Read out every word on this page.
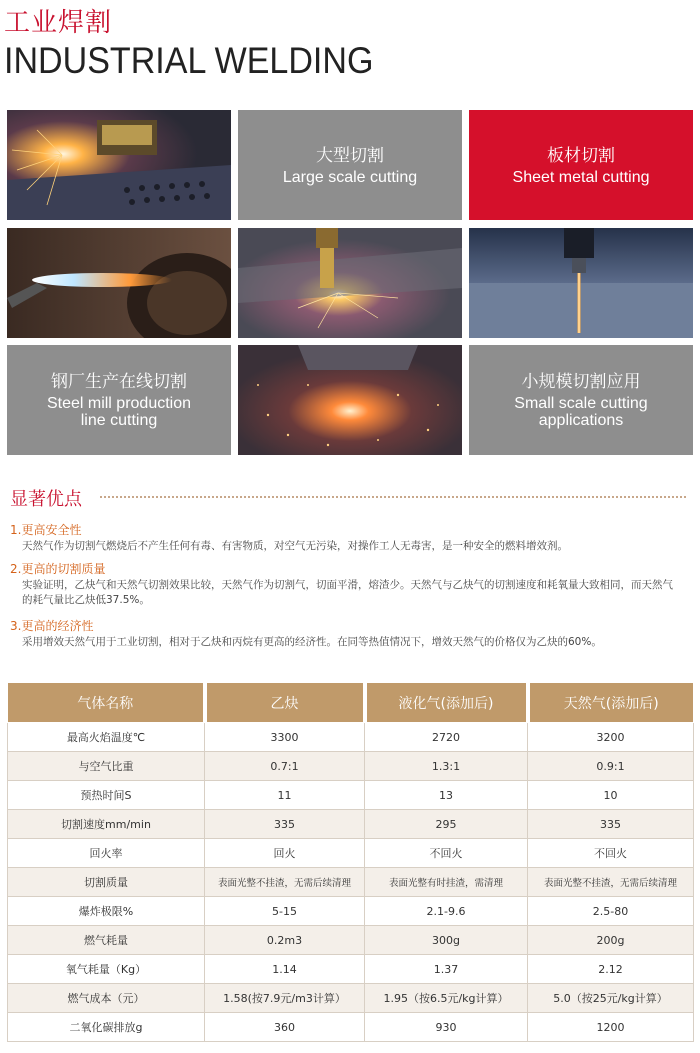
工业焊割
INDUSTRIAL WELDING
大型切割
Large scale cutting
板材切割
Sheet metal cutting
钢厂生产在线切割
Steel mill production
line cutting
小规模切割应用
Small scale cutting
applications
显著优点
1.更高安全性
天然气作为切割气燃烧后不产生任何有毒、有害物质，对空气无污染，对操作工人无毒害，是一种安全的燃料增效剂。
2.更高的切割质量
实验证明，乙炔气和天然气切割效果比较，天然气作为切割气，切面平滑，熔渣少。天然气与乙炔气的切割速度和耗氧量大致相同，而天然气的耗气量比乙炔低37.5%。
3.更高的经济性
采用增效天然气用于工业切割，相对于乙炔和丙烷有更高的经济性。在同等热值情况下，增效天然气的价格仅为乙炔的60%。
气体名称	乙炔	液化气(添加后)	天然气(添加后)
最高火焰温度℃	3300	2720	3200
与空气比重	0.7:1	1.3:1	0.9:1
预热时间S	11	13	10
切割速度mm/min	335	295	335
回火率	回火	不回火	不回火
切割质量	表面光整不挂渣，无需后续清理	表面光整有时挂渣，需清理	表面光整不挂渣，无需后续清理
爆炸极限%	5-15	2.1-9.6	2.5-80
燃气耗量	0.2m3	300g	200g
氧气耗量（Kg）	1.14	1.37	2.12
燃气成本（元）	1.58(按7.9元/m3计算）	1.95（按6.5元/kg计算）	5.0（按25元/kg计算）
二氧化碳排放g	360	930	1200
